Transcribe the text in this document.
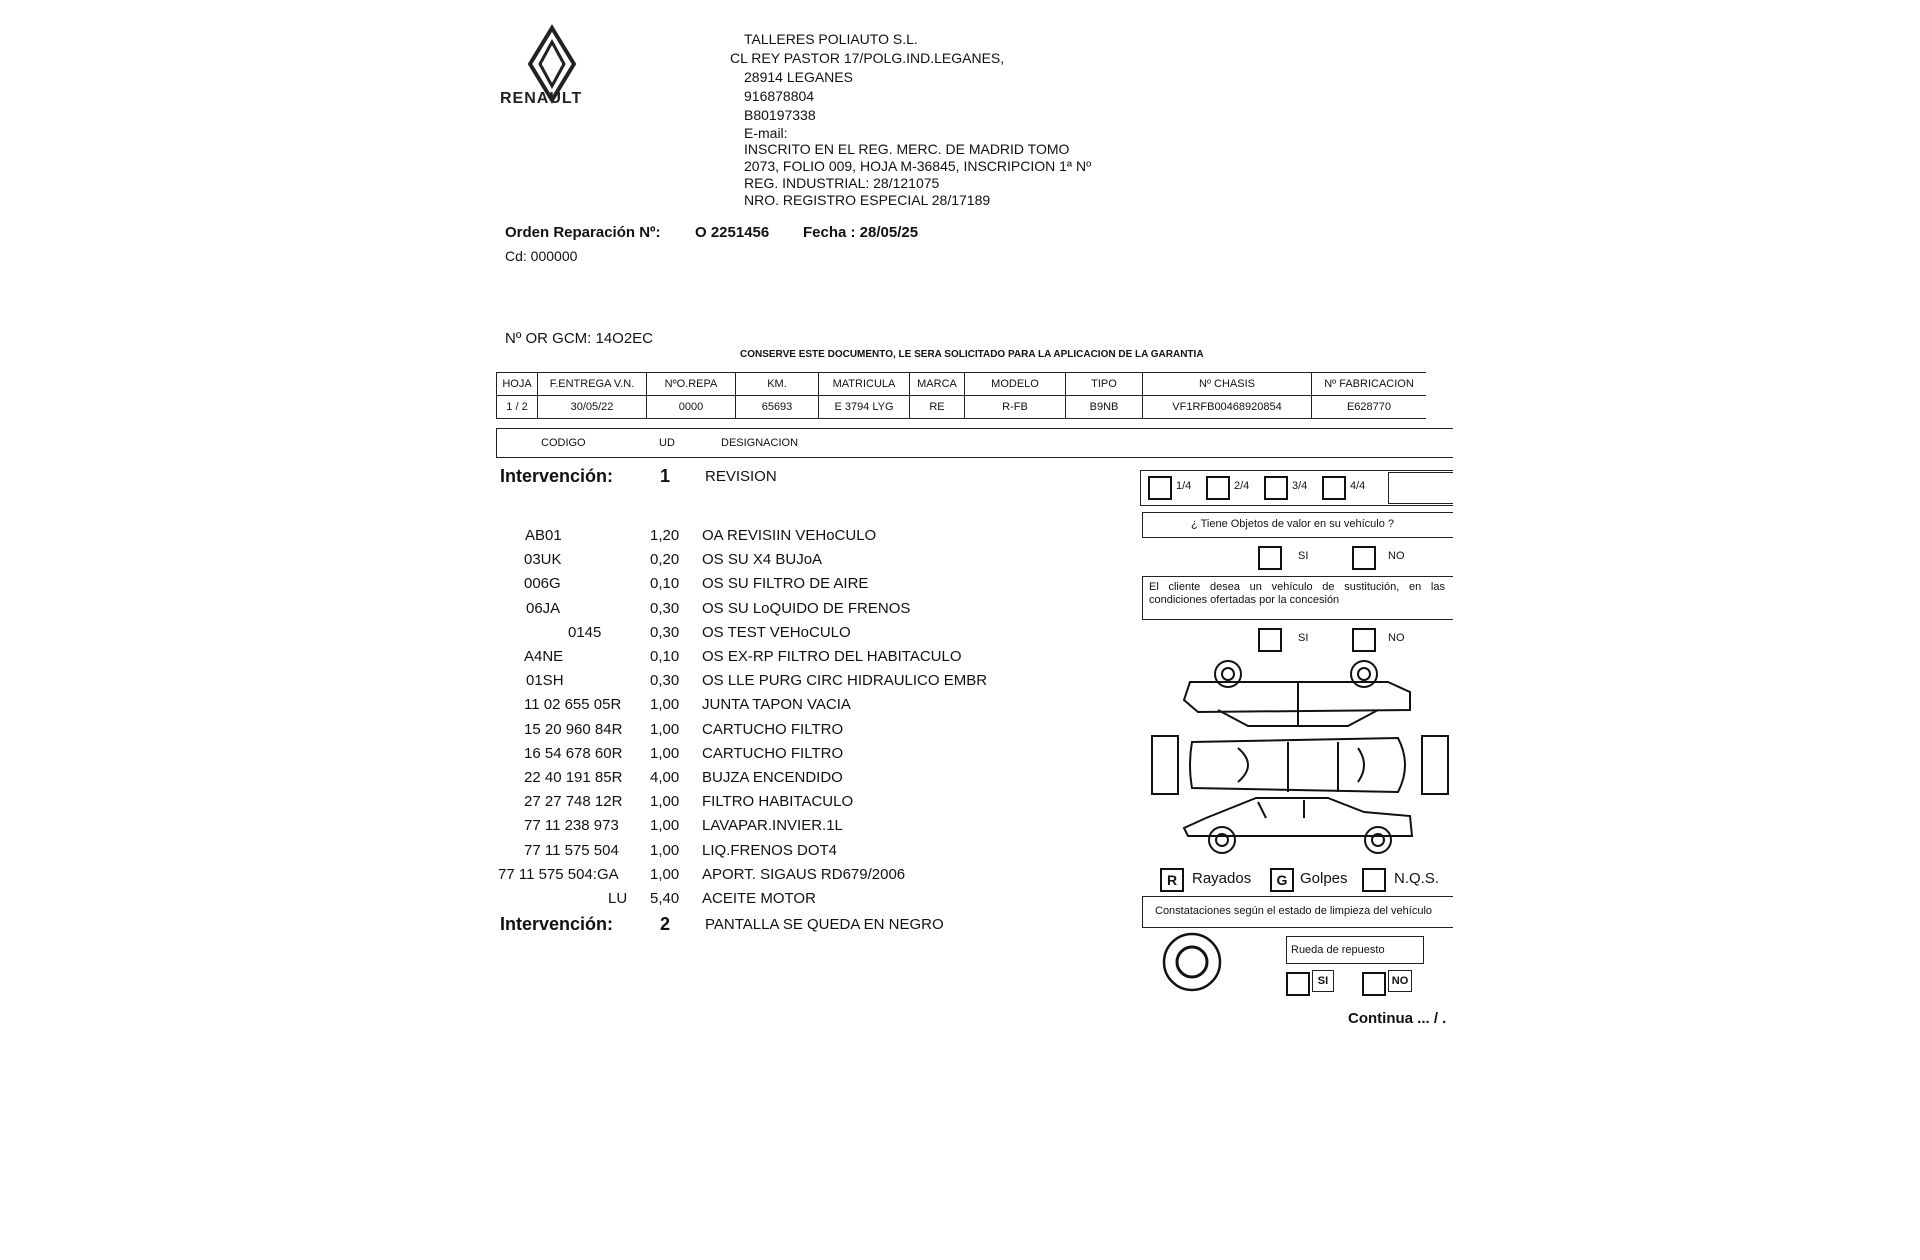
RENAULT
TALLERES POLIAUTO S.L.
CL REY PASTOR 17/POLG.IND.LEGANES,
28914 LEGANES
916878804
B80197338
E-mail:
INSCRITO EN EL REG. MERC. DE MADRID TOMO
2073, FOLIO 009, HOJA M-36845, INSCRIPCION 1ª Nº
REG. INDUSTRIAL: 28/121075
NRO. REGISTRO ESPECIAL 28/17189
Orden Reparación Nº: O 2251456 Fecha : 28/05/25
Cd: 000000
Nº OR GCM: 14O2EC
CONSERVE ESTE DOCUMENTO, LE SERA SOLICITADO PARA LA APLICACION DE LA GARANTIA
HOJA	F.ENTREGA V.N.	NºO.REPA	KM.	MATRICULA	MARCA	MODELO	TIPO	Nº CHASIS	Nº FABRICACION
1 / 2	30/05/22	0000	65693	E 3794 LYG	RE	R-FB	B9NB	VF1RFB00468920854	E628770
CODIGO	UD	DESIGNACION
Intervención:	1 REVISION
AB01	1,20 OA REVISIIN VEHoCULO
03UK	0,20 OS SU X4 BUJoA
006G	0,10 OS SU FILTRO DE AIRE
06JA	0,30 OS SU LoQUIDO DE FRENOS
0145	0,30 OS TEST VEHoCULO
A4NE	0,10 OS EX-RP FILTRO DEL HABITACULO
01SH	0,30 OS LLE PURG CIRC HIDRAULICO EMBR
11 02 655 05R 1,00 JUNTA TAPON VACIA
15 20 960 84R 1,00 CARTUCHO FILTRO
16 54 678 60R 1,00 CARTUCHO FILTRO
22 40 191 85R 4,00 BUJZA ENCENDIDO
27 27 748 12R 1,00 FILTRO HABITACULO
77 11 238 973 1,00 LAVAPAR.INVIER.1L
77 11 575 504 1,00 LIQ.FRENOS DOT4
77 11 575 504:GA 1,00 APORT. SIGAUS RD679/2006
LU 5,40 ACEITE MOTOR
Intervención:	2 PANTALLA SE QUEDA EN NEGRO
1/4	2/4	3/4	4/4
¿ Tiene Objetos de valor en su vehículo ?
SI	NO
El cliente desea un vehículo de sustitución, en las condiciones ofertadas por la concesión
SI	NO
R Rayados	G Golpes	N.Q.S.
Constataciones según el estado de limpieza del vehículo
Rueda de repuesto
SI	NO
Continua ... / .
